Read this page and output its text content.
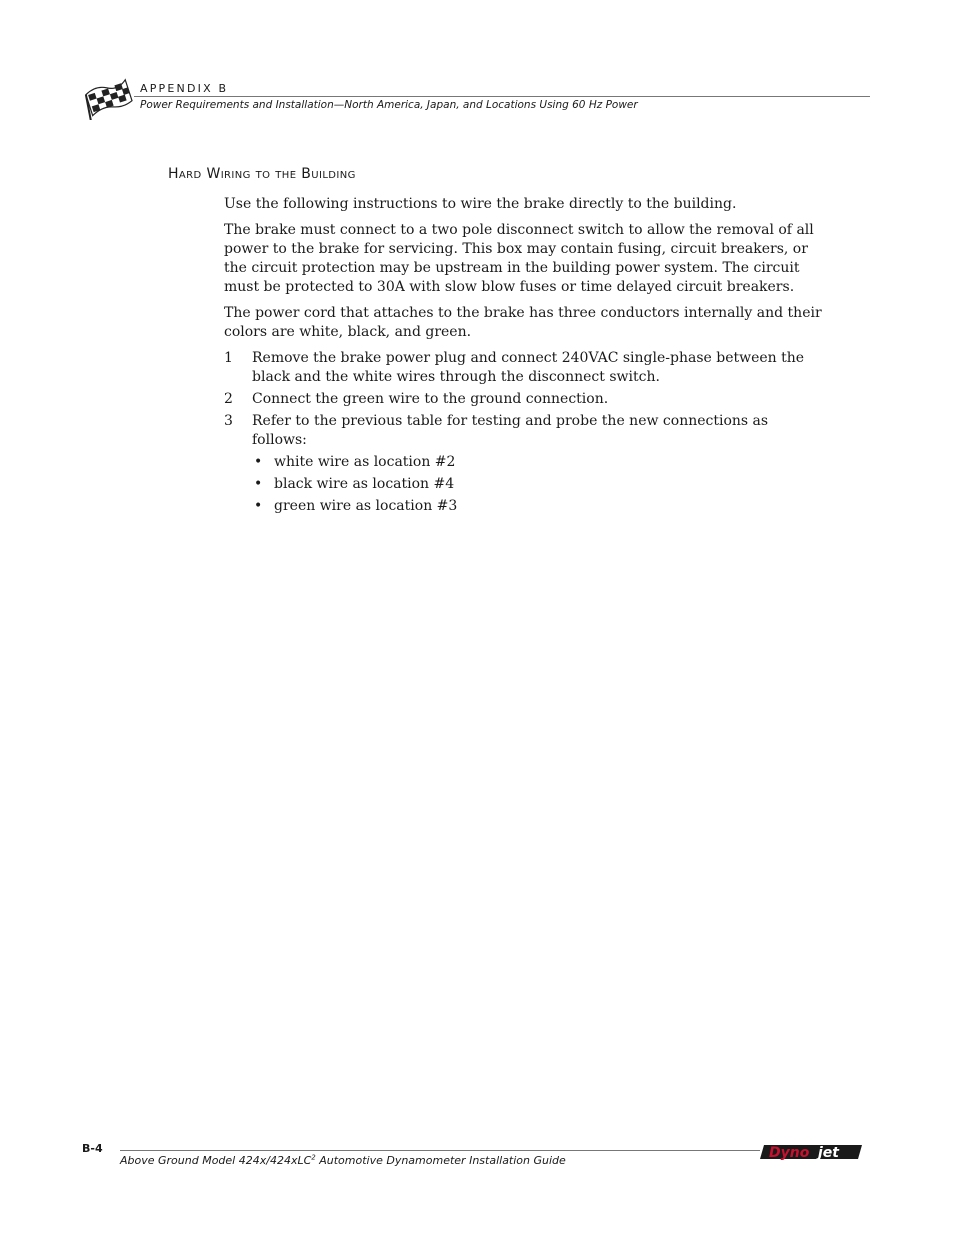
APPENDIX B
Power Requirements and Installation—North America, Japan, and Locations Using 60 Hz Power
Hard Wiring to the Building

Use the following instructions to wire the brake directly to the building.

The brake must connect to a two pole disconnect switch to allow the removal of all power to the brake for servicing. This box may contain fusing, circuit breakers, or the circuit protection may be upstream in the building power system. The circuit must be protected to 30A with slow blow fuses or time delayed circuit breakers.

The power cord that attaches to the brake has three conductors internally and their colors are white, black, and green.

1 Remove the brake power plug and connect 240VAC single-phase between the black and the white wires through the disconnect switch.
2 Connect the green wire to the ground connection.
3 Refer to the previous table for testing and probe the new connections as follows:
• white wire as location #2
• black wire as location #4
• green wire as location #3
B-4
Above Ground Model 424x/424xLC$^2$ Automotive Dynamometer Installation Guide	Dyno jet
